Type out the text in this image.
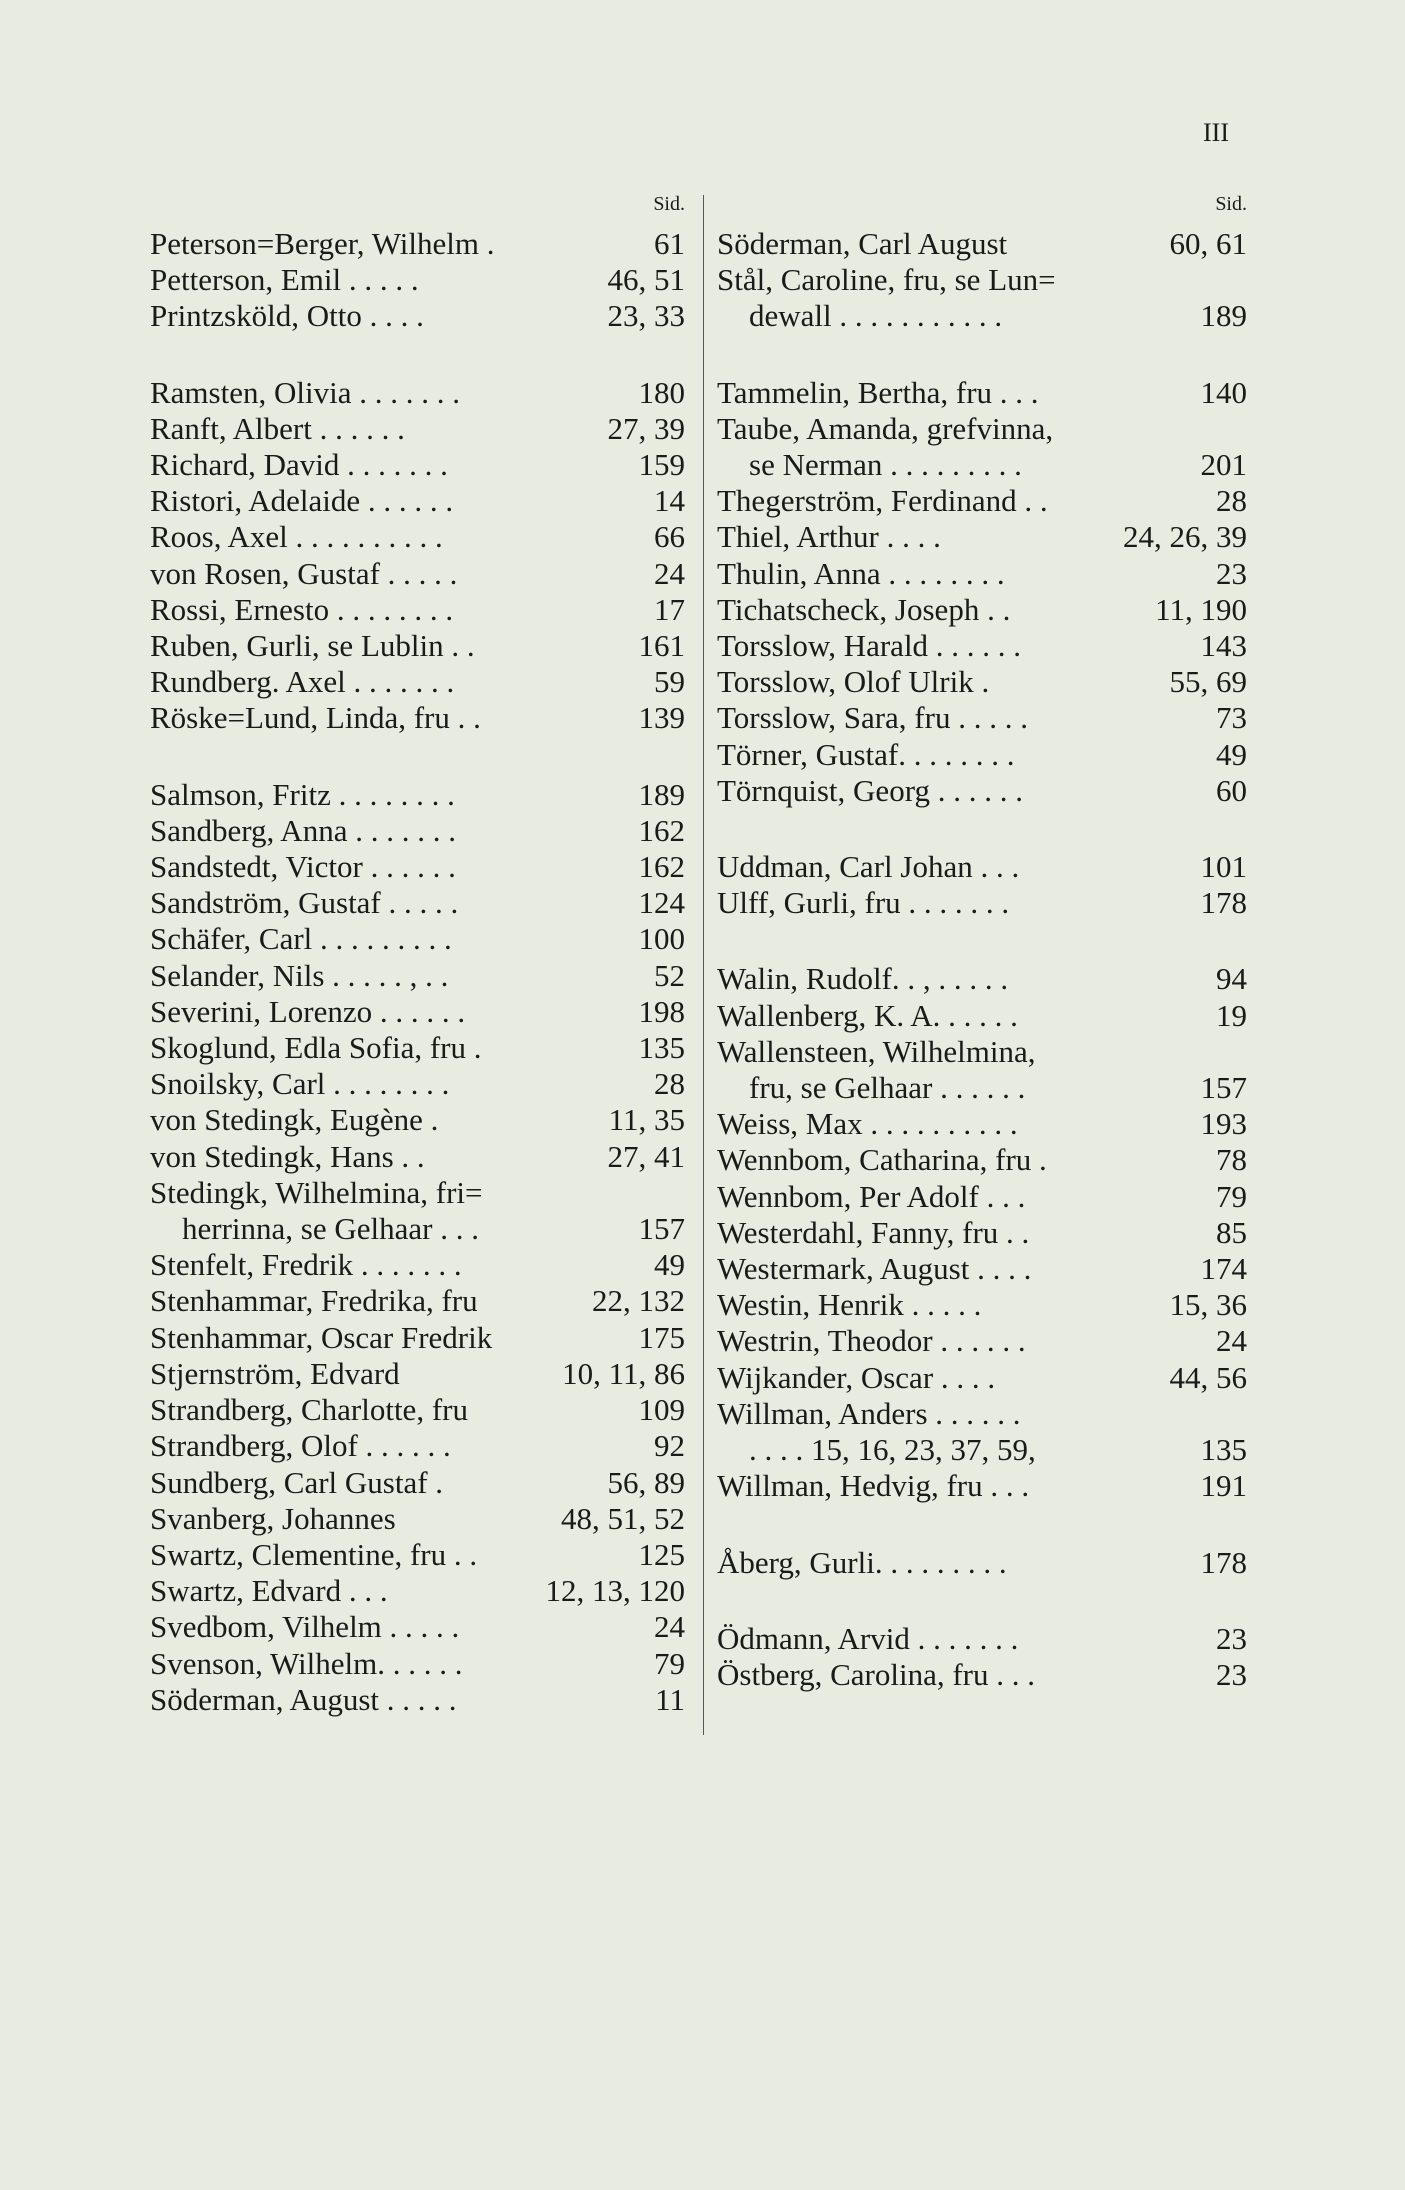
III
Sid.
61
Peterson=Berger, Wilhelm .
46, 51
Petterson, Emil . . . . .
23, 33
Printzsköld, Otto . . . .
180
Ramsten, Olivia . . . . . . .
27, 39
Ranft, Albert . . . . . .
159
Richard, David . . . . . . .
14
Ristori, Adelaide . . . . . .
66
Roos, Axel . . . . . . . . . .
24
von Rosen, Gustaf . . . . .
17
Rossi, Ernesto . . . . . . . .
161
Ruben, Gurli, se Lublin . .
59
Rundberg. Axel . . . . . . .
139
Röske=Lund, Linda, fru . .
189
Salmson, Fritz . . . . . . . .
162
Sandberg, Anna . . . . . . .
162
Sandstedt, Victor . . . . . .
124
Sandström, Gustaf . . . . .
100
Schäfer, Carl . . . . . . . . .
52
Selander, Nils . . . . . , . .
198
Severini, Lorenzo . . . . . .
135
Skoglund, Edla Sofia, fru .
28
Snoilsky, Carl . . . . . . . .
11, 35
von Stedingk, Eugène .
27, 41
von Stedingk, Hans . .
Stedingk, Wilhelmina, fri=
157
herrinna, se Gelhaar . . .
49
Stenfelt, Fredrik . . . . . . .
22, 132
Stenhammar, Fredrika, fru
175
Stenhammar, Oscar Fredrik
10, 11, 86
Stjernström, Edvard
109
Strandberg, Charlotte, fru
92
Strandberg, Olof . . . . . .
56, 89
Sundberg, Carl Gustaf .
48, 51, 52
Svanberg, Johannes
125
Swartz, Clementine, fru . .
12, 13, 120
Swartz, Edvard . . .
24
Svedbom, Vilhelm . . . . .
79
Svenson, Wilhelm. . . . . .
11
Söderman, August . . . . .
Sid.
60, 61
Söderman, Carl August
Stål, Caroline, fru, se Lun=
189
dewall . . . . . . . . . . .
140
Tammelin, Bertha, fru . . .
Taube, Amanda, grefvinna,
201
se Nerman . . . . . . . . .
28
Thegerström, Ferdinand . .
24, 26, 39
Thiel, Arthur . . . .
23
Thulin, Anna . . . . . . . .
11, 190
Tichatscheck, Joseph . .
143
Torsslow, Harald . . . . . .
55, 69
Torsslow, Olof Ulrik .
73
Torsslow, Sara, fru . . . . .
49
Törner, Gustaf. . . . . . . .
60
Törnquist, Georg . . . . . .
101
Uddman, Carl Johan . . .
178
Ulff, Gurli, fru . . . . . . .
94
Walin, Rudolf. . , . . . . .
19
Wallenberg, K. A. . . . . .
Wallensteen, Wilhelmina,
157
fru, se Gelhaar . . . . . .
193
Weiss, Max . . . . . . . . . .
78
Wennbom, Catharina, fru .
79
Wennbom, Per Adolf . . .
85
Westerdahl, Fanny, fru . .
174
Westermark, August . . . .
15, 36
Westin, Henrik . . . . .
24
Westrin, Theodor . . . . . .
44, 56
Wijkander, Oscar . . . .
Willman, Anders . . . . . .
135
. . . . 15, 16, 23, 37, 59,
191
Willman, Hedvig, fru . . .
178
Åberg, Gurli. . . . . . . . .
23
Ödmann, Arvid . . . . . . .
23
Östberg, Carolina, fru . . .
